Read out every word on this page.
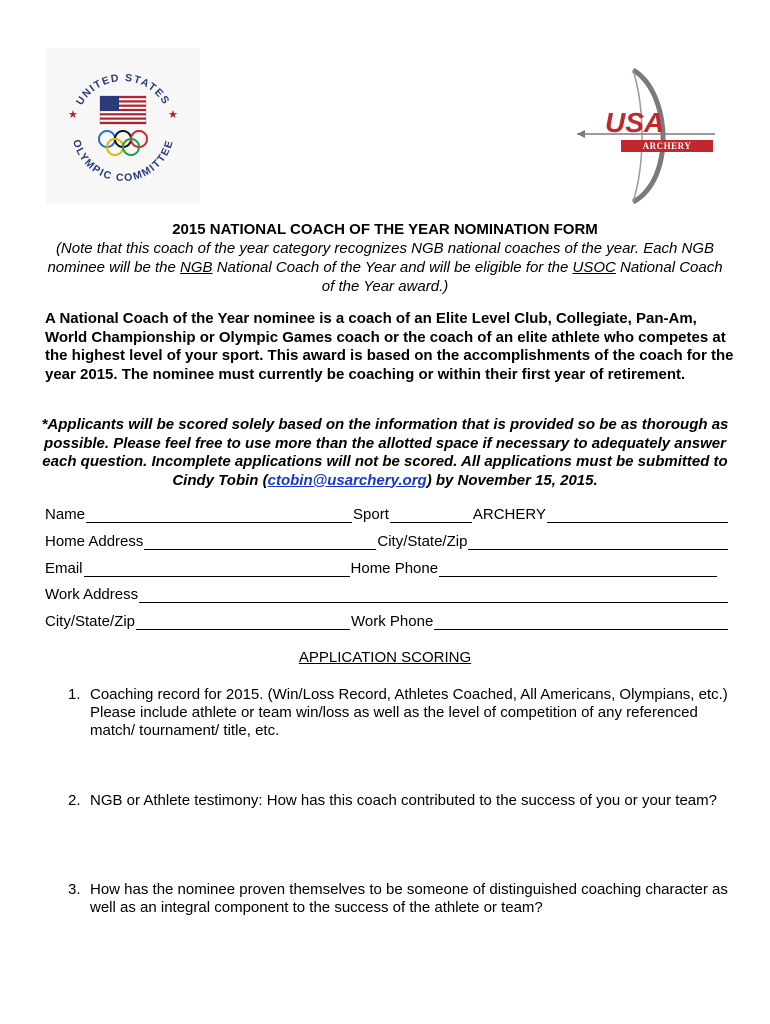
UNITED STATES
OLYMPIC COMMITTEE
★	★	USA
ARCHERY
2015 NATIONAL COACH OF THE YEAR NOMINATION FORM
(Note that this coach of the year category recognizes NGB national coaches of the year. Each NGB nominee will be the NGB National Coach of the Year and will be eligible for the USOC National Coach of the Year award.)
A National Coach of the Year nominee is a coach of an Elite Level Club, Collegiate, Pan-Am, World Championship or Olympic Games coach or the coach of an elite athlete who competes at the highest level of your sport. This award is based on the accomplishments of the coach for the year 2015. The nominee must currently be coaching or within their first year of retirement.
*Applicants will be scored solely based on the information that is provided so be as thorough as possible. Please feel free to use more than the allotted space if necessary to adequately answer each question. Incomplete applications will not be scored. All applications must be submitted to Cindy Tobin (ctobin@usarchery.org) by November 15, 2015.
Name	Sport	ARCHERY
Home Address	City/State/Zip
Email	Home Phone
Work Address
City/State/Zip	Work Phone
APPLICATION SCORING
1. Coaching record for 2015. (Win/Loss Record, Athletes Coached, All Americans, Olympians, etc.) Please include athlete or team win/loss as well as the level of competition of any referenced match/ tournament/ title, etc.
2. NGB or Athlete testimony: How has this coach contributed to the success of you or your team?
3. How has the nominee proven themselves to be someone of distinguished coaching character as well as an integral component to the success of the athlete or team?
